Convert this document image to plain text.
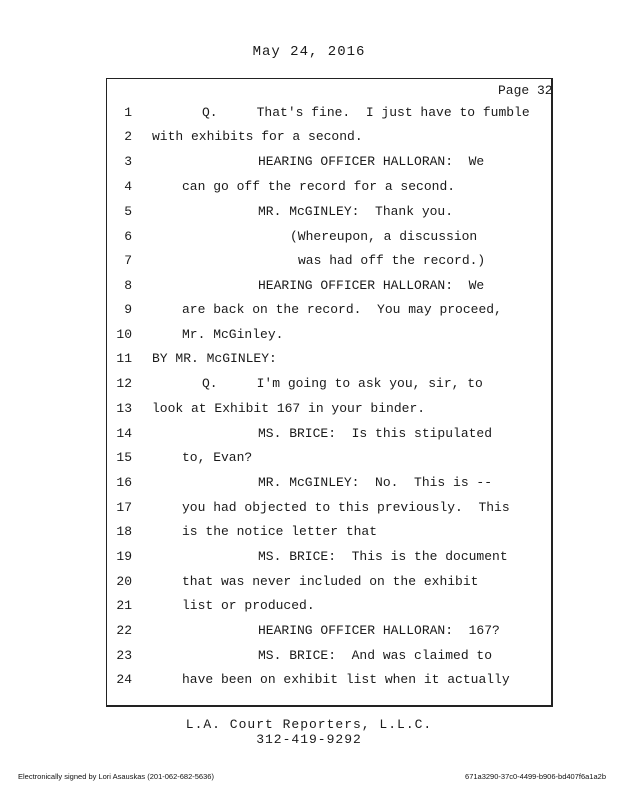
May 24, 2016
Page 32
1	Q.     That's fine.  I just have to fumble
2 with exhibits for a second.
3	HEARING OFFICER HALLORAN:  We
4	can go off the record for a second.
5	MR. McGINLEY:  Thank you.
6	(Whereupon, a discussion
7	was had off the record.)
8	HEARING OFFICER HALLORAN:  We
9	are back on the record.  You may proceed,
10	Mr. McGinley.
11 BY MR. McGINLEY:
12	Q.     I'm going to ask you, sir, to
13 look at Exhibit 167 in your binder.
14	MS. BRICE:  Is this stipulated
15	to, Evan?
16	MR. McGINLEY:  No.  This is --
17	you had objected to this previously.  This
18	is the notice letter that
19	MS. BRICE:  This is the document
20	that was never included on the exhibit
21	list or produced.
22	HEARING OFFICER HALLORAN:  167?
23	MS. BRICE:  And was claimed to
24	have been on exhibit list when it actually
L.A. Court Reporters, L.L.C.
312-419-9292
Electronically signed by Lori Asauskas (201-062-682-5636)	671a3290-37c0-4499-b906-bd407f6a1a2b
